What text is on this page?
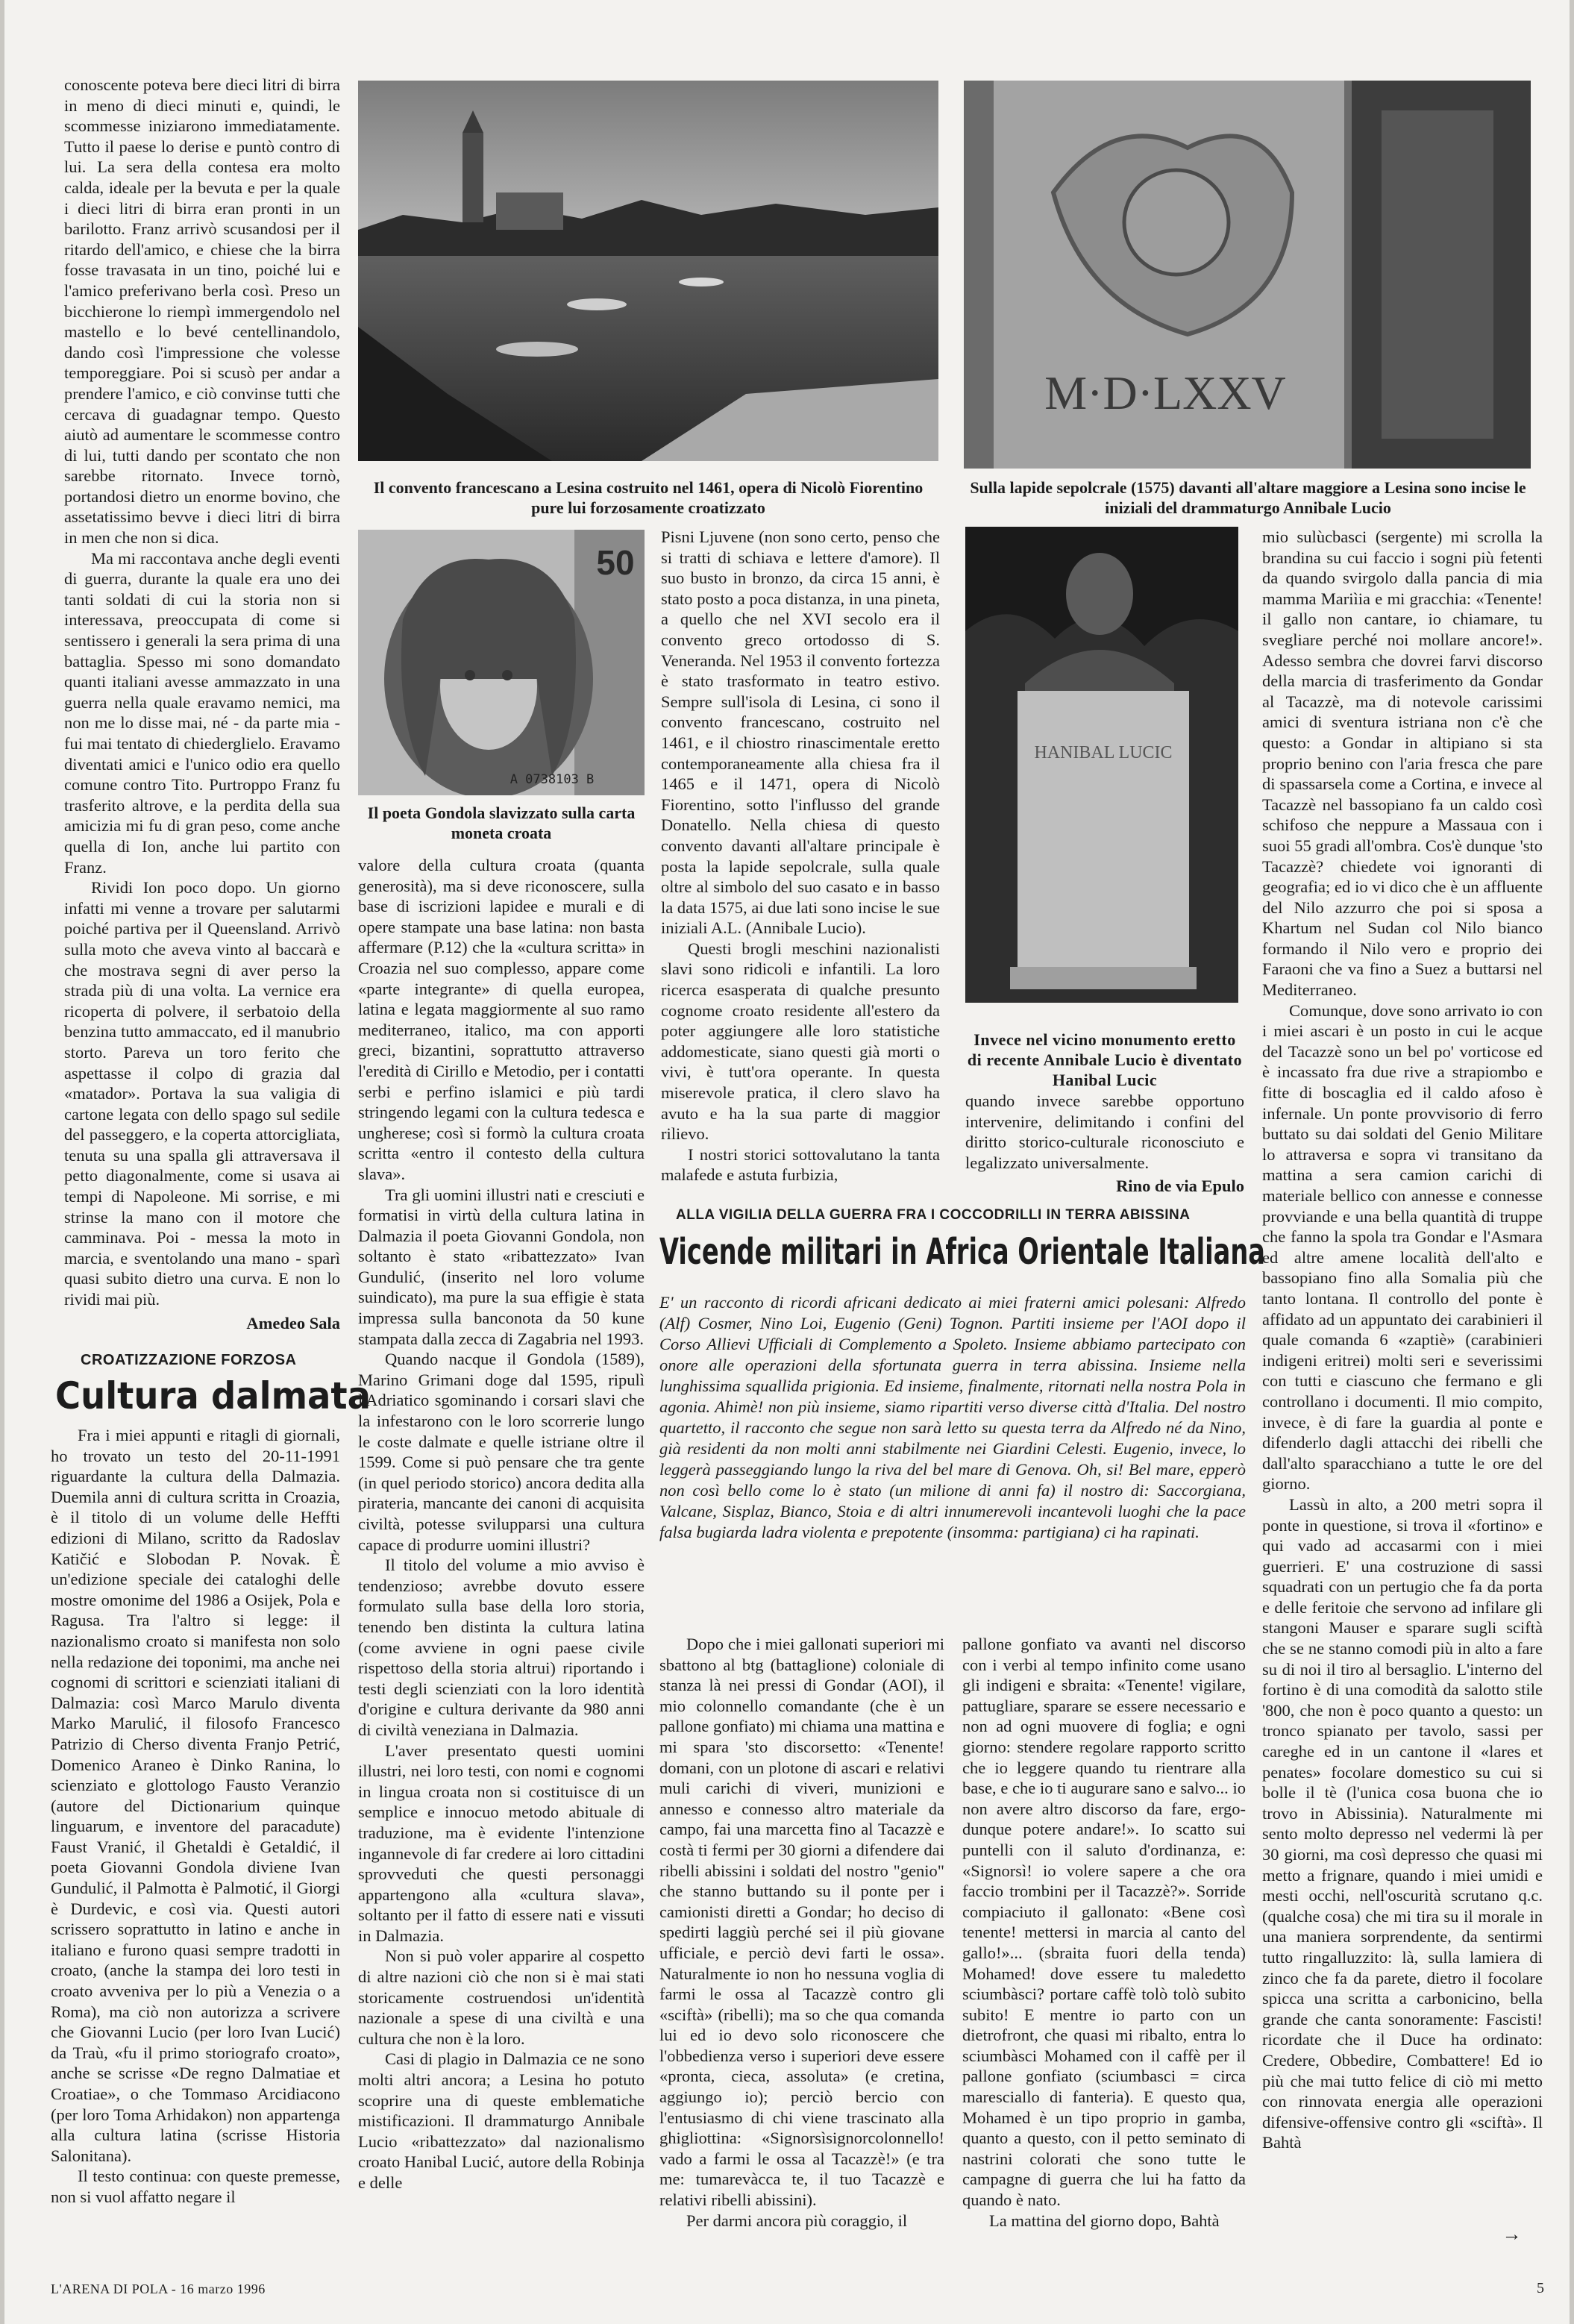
conoscente poteva bere dieci litri di birra in meno di dieci minuti e, quindi, le scommesse iniziarono immediatamente. Tutto il paese lo derise e puntò contro di lui. La sera della contesa era molto calda, ideale per la bevuta e per la quale i dieci litri di birra eran pronti in un barilotto. Franz arrivò scusandosi per il ritardo dell'amico, e chiese che la birra fosse travasata in un tino, poiché lui e l'amico preferivano berla così. Preso un bicchierone lo riempì immergendolo nel mastello e lo bevé centellinandolo, dando così l'impressione che volesse temporeggiare. Poi si scusò per andar a prendere l'amico, e ciò convinse tutti che cercava di guadagnar tempo. Questo aiutò ad aumentare le scommesse contro di lui, tutti dando per scontato che non sarebbe ritornato. Invece tornò, portandosi dietro un enorme bovino, che assetatissimo bevve i dieci litri di birra in men che non si dica.

Ma mi raccontava anche degli eventi di guerra, durante la quale era uno dei tanti soldati di cui la storia non si interessava, preoccupata di come si sentissero i generali la sera prima di una battaglia. Spesso mi sono domandato quanti italiani avesse ammazzato in una guerra nella quale eravamo nemici, ma non me lo disse mai, né - da parte mia - fui mai tentato di chiederglielo. Eravamo diventati amici e l'unico odio era quello comune contro Tito. Purtroppo Franz fu trasferito altrove, e la perdita della sua amicizia mi fu di gran peso, come anche quella di Ion, anche lui partito con Franz.

Rividi Ion poco dopo. Un giorno infatti mi venne a trovare per salutarmi poiché partiva per il Queensland. Arrivò sulla moto che aveva vinto al baccarà e che mostrava segni di aver perso la strada più di una volta. La vernice era ricoperta di polvere, il serbatoio della benzina tutto ammaccato, ed il manubrio storto. Pareva un toro ferito che aspettasse il colpo di grazia dal «matador». Portava la sua valigia di cartone legata con dello spago sul sedile del passeggero, e la coperta attorcigliata, tenuta su una spalla gli attraversava il petto diagonalmente, come si usava ai tempi di Napoleone. Mi sorrise, e mi strinse la mano con il motore che camminava. Poi - messa la moto in marcia, e sventolando una mano - sparì quasi subito dietro una curva. E non lo rividi mai più.

Amedeo Sala
CROATIZZAZIONE FORZOSA
Cultura dalmata

Fra i miei appunti e ritagli di giornali, ho trovato un testo del 20-11-1991 riguardante la cultura della Dalmazia. Duemila anni di cultura scritta in Croazia, è il titolo di un volume delle Heffti edizioni di Milano, scritto da Radoslav Katičić e Slobodan P. Novak. È un'edizione speciale dei cataloghi delle mostre omonime del 1986 a Osijek, Pola e Ragusa. Tra l'altro si legge: il nazionalismo croato si manifesta non solo nella redazione dei toponimi, ma anche nei cognomi di scrittori e scienziati italiani di Dalmazia: così Marco Marulo diventa Marko Marulić, il filosofo Francesco Patrizio di Cherso diventa Franjo Petrić, Domenico Araneo è Dinko Ranina, lo scienziato e glottologo Fausto Veranzio (autore del Dictionarium quinque linguarum, e inventore del paracadute) Faust Vranić, il Ghetaldi è Getaldić, il poeta Giovanni Gondola diviene Ivan Gundulić, il Palmotta è Palmotić, il Giorgi è Durdevic, e così via. Questi autori scrissero soprattutto in latino e anche in italiano e furono quasi sempre tradotti in croato, (anche la stampa dei loro testi in croato avveniva per lo più a Venezia o a Roma), ma ciò non autorizza a scrivere che Giovanni Lucio (per loro Ivan Lucić) da Traù, «fu il primo storiografo croato», anche se scrisse «De regno Dalmatiae et Croatiae», o che Tommaso Arcidiacono (per loro Toma Arhidakon) non appartenga alla cultura latina (scrisse Historia Salonitana).

Il testo continua: con queste premesse, non si vuol affatto negare il

Il convento francescano a Lesina costruito nel 1461, opera di Nicolò Fiorentino pure lui forzosamente croatizzato
M·D·LXXV
Sulla lapide sepolcrale (1575) davanti all'altare maggiore a Lesina sono incise le iniziali del drammaturgo Annibale Lucio
50
A 0738103 B
Il poeta Gondola slavizzato sulla carta moneta croata

valore della cultura croata (quanta generosità), ma si deve riconoscere, sulla base di iscrizioni lapidee e murali e di opere stampate una base latina: non basta affermare (P.12) che la «cultura scritta» in Croazia nel suo complesso, appare come «parte integrante» di quella europea, latina e legata maggiormente al suo ramo mediterraneo, italico, ma con apporti greci, bizantini, soprattutto attraverso l'eredità di Cirillo e Metodio, per i contatti serbi e perfino islamici e più tardi stringendo legami con la cultura tedesca e ungherese; così si formò la cultura croata scritta «entro il contesto della cultura slava».

Tra gli uomini illustri nati e cresciuti e formatisi in virtù della cultura latina in Dalmazia il poeta Giovanni Gondola, non soltanto è stato «ribattezzato» Ivan Gundulić, (inserito nel loro volume suindicato), ma pure la sua effigie è stata impressa sulla banconota da 50 kune stampata dalla zecca di Zagabria nel 1993.

Quando nacque il Gondola (1589), Marino Grimani doge dal 1595, ripulì l'Adriatico sgominando i corsari slavi che la infestarono con le loro scorrerie lungo le coste dalmate e quelle istriane oltre il 1599. Come si può pensare che tra gente (in quel periodo storico) ancora dedita alla pirateria, mancante dei canoni di acquisita civiltà, potesse svilupparsi una cultura capace di produrre uomini illustri?

Il titolo del volume a mio avviso è tendenzioso; avrebbe dovuto essere formulato sulla base della loro storia, tenendo ben distinta la cultura latina (come avviene in ogni paese civile rispettoso della storia altrui) riportando i testi degli scienziati con la loro identità d'origine e cultura derivante da 980 anni di civiltà veneziana in Dalmazia.

L'aver presentato questi uomini illustri, nei loro testi, con nomi e cognomi in lingua croata non si costituisce di un semplice e innocuo metodo abituale di traduzione, ma è evidente l'intenzione ingannevole di far credere ai loro cittadini sprovveduti che questi personaggi appartengono alla «cultura slava», soltanto per il fatto di essere nati e vissuti in Dalmazia.

Non si può voler apparire al cospetto di altre nazioni ciò che non si è mai stati storicamente costruendosi un'identità nazionale a spese di una civiltà e una cultura che non è la loro.

Casi di plagio in Dalmazia ce ne sono molti altri ancora; a Lesina ho potuto scoprire una di queste emblematiche mistificazioni. Il drammaturgo Annibale Lucio «ribattezzato» dal nazionalismo croato Hanibal Lucić, autore della Robinja e delle

Pisni Ljuvene (non sono certo, penso che si tratti di schiava e lettere d'amore). Il suo busto in bronzo, da circa 15 anni, è stato posto a poca distanza, in una pineta, a quello che nel XVI secolo era il convento greco ortodosso di S. Veneranda. Nel 1953 il convento fortezza è stato trasformato in teatro estivo. Sempre sull'isola di Lesina, ci sono il convento francescano, costruito nel 1461, e il chiostro rinascimentale eretto contemporaneamente alla chiesa fra il 1465 e il 1471, opera di Nicolò Fiorentino, sotto l'influsso del grande Donatello. Nella chiesa di questo convento davanti all'altare principale è posta la lapide sepolcrale, sulla quale oltre al simbolo del suo casato e in basso la data 1575, ai due lati sono incise le sue iniziali A.L. (Annibale Lucio).

Questi brogli meschini nazionalisti slavi sono ridicoli e infantili. La loro ricerca esasperata di qualche presunto cognome croato residente all'estero da poter aggiungere alle loro statistiche addomesticate, siano questi già morti o vivi, è tutt'ora operante. In questa miserevole pratica, il clero slavo ha avuto e ha la sua parte di maggior rilievo.

I nostri storici sottovalutano la tanta malafede e astuta furbizia,

HANIBAL LUCIC
Invece nel vicino monumento eretto di recente Annibale Lucio è diventato Hanibal Lucic

quando invece sarebbe opportuno intervenire, delimitando i confini del diritto storico-culturale riconosciuto e legalizzato universalmente.

Rino de via Epulo

mio sulùcbasci (sergente) mi scrolla la brandina su cui faccio i sogni più fetenti da quando svirgolo dalla pancia di mia mamma Mariìia e mi gracchia: «Tenente! il gallo non cantare, io chiamare, tu svegliare perché noi mollare ancore!». Adesso sembra che dovrei farvi discorso della marcia di trasferimento da Gondar al Tacazzè, ma di notevole carissimi amici di sventura istriana non c'è che questo: a Gondar in altipiano si sta proprio benino con l'aria fresca che pare di spassarsela come a Cortina, e invece al Tacazzè nel bassopiano fa un caldo così schifoso che neppure a Massaua con i suoi 55 gradi all'ombra. Cos'è dunque 'sto Tacazzè? chiedete voi ignoranti di geografia; ed io vi dico che è un affluente del Nilo azzurro che poi si sposa a Khartum nel Sudan col Nilo bianco formando il Nilo vero e proprio dei Faraoni che va fino a Suez a buttarsi nel Mediterraneo.

Comunque, dove sono arrivato io con i miei ascari è un posto in cui le acque del Tacazzè sono un bel po' vorticose ed è incassato fra due rive a strapiombo e fitte di boscaglia ed il caldo afoso è infernale. Un ponte provvisorio di ferro buttato su dai soldati del Genio Militare lo attraversa e sopra vi transitano da mattina a sera camion carichi di materiale bellico con annesse e connesse provviande e una bella quantità di truppe che fanno la spola tra Gondar e l'Asmara ed altre amene località dell'alto e bassopiano fino alla Somalia più che tanto lontana. Il controllo del ponte è affidato ad un appuntato dei carabinieri il quale comanda 6 «zaptiè» (carabinieri indigeni eritrei) molti seri e severissimi con tutti e ciascuno che fermano e gli controllano i documenti. Il mio compito, invece, è di fare la guardia al ponte e difenderlo dagli attacchi dei ribelli che dall'alto sparacchiano a tutte le ore del giorno.

Lassù in alto, a 200 metri sopra il ponte in questione, si trova il «fortino» e qui vado ad accasarmi con i miei guerrieri. E' una costruzione di sassi squadrati con un pertugio che fa da porta e delle feritoie che servono ad infilare gli stangoni Mauser e sparare sugli sciftà che se ne stanno comodi più in alto a fare su di noi il tiro al bersaglio. L'interno del fortino è di una comodità da salotto stile '800, che non è poco quanto a questo: un tronco spianato per tavolo, sassi per careghe ed in un cantone il «lares et penates» focolare domestico su cui si bolle il tè (l'unica cosa buona che io trovo in Abissinia). Naturalmente mi sento molto depresso nel vedermi là per 30 giorni, ma così depresso che quasi mi metto a frignare, quando i miei umidi e mesti occhi, nell'oscurità scrutano q.c. (qualche cosa) che mi tira su il morale in una maniera sorprendente, da sentirmi tutto ringalluzzito: là, sulla lamiera di zinco che fa da parete, dietro il focolare spicca una scritta a carbonicino, bella grande che canta sonoramente: Fascisti! ricordate che il Duce ha ordinato: Credere, Obbedire, Combattere! Ed io più che mai tutto felice di ciò mi metto con rinnovata energia alle operazioni difensive-offensive contro gli «sciftà». Il Bahtà

ALLA VIGILIA DELLA GUERRA FRA I COCCODRILLI IN TERRA ABISSINA
Vicende militari in Africa Orientale Italiana
E' un racconto di ricordi africani dedicato ai miei fraterni amici polesani: Alfredo (Alf) Cosmer, Nino Loi, Eugenio (Geni) Tognon. Partiti insieme per l'AOI dopo il Corso Allievi Ufficiali di Complemento a Spoleto. Insieme abbiamo partecipato con onore alle operazioni della sfortunata guerra in terra abissina. Insieme nella lunghissima squallida prigionia. Ed insieme, finalmente, ritornati nella nostra Pola in agonia. Ahimè! non più insieme, siamo ripartiti verso diverse città d'Italia. Del nostro quartetto, il racconto che segue non sarà letto su questa terra da Alfredo né da Nino, già residenti da non molti anni stabilmente nei Giardini Celesti. Eugenio, invece, lo leggerà passeggiando lungo la riva del bel mare di Genova. Oh, si! Bel mare, epperò non così bello come lo è stato (un milione di anni fa) il nostro di: Saccorgiana, Valcane, Sisplaz, Bianco, Stoia e di altri innumerevoli incantevoli luoghi che la pace falsa bugiarda ladra violenta e prepotente (insomma: partigiana) ci ha rapinati.

Dopo che i miei gallonati superiori mi sbattono al btg (battaglione) coloniale di stanza là nei pressi di Gondar (AOI), il mio colonnello comandante (che è un pallone gonfiato) mi chiama una mattina e mi spara 'sto discorsetto: «Tenente! domani, con un plotone di ascari e relativi muli carichi di viveri, munizioni e annesso e connesso altro materiale da campo, fai una marcetta fino al Tacazzè e costà ti fermi per 30 giorni a difendere dai ribelli abissini i soldati del nostro "genio" che stanno buttando su il ponte per i camionisti diretti a Gondar; ho deciso di spedirti laggiù perché sei il più giovane ufficiale, e perciò devi farti le ossa». Naturalmente io non ho nessuna voglia di farmi le ossa al Tacazzè contro gli «sciftà» (ribelli); ma so che qua comanda lui ed io devo solo riconoscere che l'obbedienza verso i superiori deve essere «pronta, cieca, assoluta» (e cretina, aggiungo io); perciò bercio con l'entusiasmo di chi viene trascinato alla ghigliottina: «Signorsìsignorcolonnello! vado a farmi le ossa al Tacazzè!» (e tra me: tumarevàcca te, il tuo Tacazzè e relativi ribelli abissini).

Per darmi ancora più coraggio, il

pallone gonfiato va avanti nel discorso con i verbi al tempo infinito come usano gli indigeni e sbraita: «Tenente! vigilare, pattugliare, sparare se essere necessario e non ad ogni muovere di foglia; e ogni giorno: stendere regolare rapporto scritto che io leggere quando tu rientrare alla base, e che io ti augurare sano e salvo... io non avere altro discorso da fare, ergo-dunque potere andare!». Io scatto sui puntelli con il saluto d'ordinanza, e: «Signorsì! io volere sapere a che ora faccio trombini per il Tacazzè?». Sorride compiaciuto il gallonato: «Bene così tenente! mettersi in marcia al canto del gallo!»... (sbraita fuori della tenda) Mohamed! dove essere tu maledetto sciumbàsci? portare caffè tolò tolò subito subito! E mentre io parto con un dietrofront, che quasi mi ribalto, entra lo sciumbàsci Mohamed con il caffè per il pallone gonfiato (sciumbasci = circa maresciallo di fanteria). E questo qua, Mohamed è un tipo proprio in gamba, quanto a questo, con il petto seminato di nastrini colorati che sono tutte le campagne di guerra che lui ha fatto da quando è nato.

La mattina del giorno dopo, Bahtà

→
L'ARENA DI POLA - 16 marzo 1996	5
